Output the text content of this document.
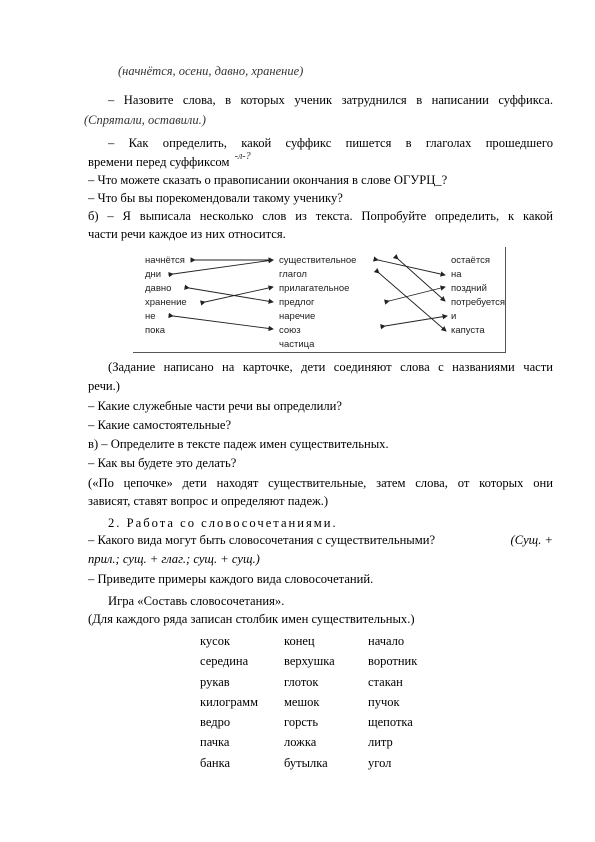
(начнётся, осени, давно, хранение)
– Назовите слова, в которых ученик затруднился в написании суффикса.
(Спрятали, оставили.)
– Как определить, какой суффикс пишется в глаголах прошедшего
времени перед суффиксом $^{-л-?}$
– Что можете сказать о правописании окончания в слове ОГУРЦ_?
– Что бы вы порекомендовали такому ученику?
б) – Я выписала несколько слов из текста. Попробуйте определить, к какой
части речи каждое из них относится.
начнётся
дни
давно
хранение
не
пока
существительное
глагол
прилагательное
предлог
наречие
союз
частица
остаётся
на
поздний
потребуется
и
капуста
(Задание написано на карточке, дети соединяют слова с названиями части
речи.)
– Какие служебные части речи вы определили?
– Какие самостоятельные?
в) – Определите в тексте падеж имен существительных.
– Как вы будете это делать?
(«По цепочке» дети находят существительные, затем слова, от которых они
зависят, ставят вопрос и определяют падеж.)
2. Работа со словосочетаниями.
– Какого вида могут быть словосочетания с существительными?	(Сущ. +
прил.; сущ. + глаг.; сущ. + сущ.)
– Приведите примеры каждого вида словосочетаний.
Игра «Составь словосочетания».
(Для каждого ряда записан столбик имен существительных.)
кусок
середина
рукав
килограмм
ведро
пачка
банка
конец
верхушка
глоток
мешок
горсть
ложка
бутылка
начало
воротник
стакан
пучок
щепотка
литр
угол
